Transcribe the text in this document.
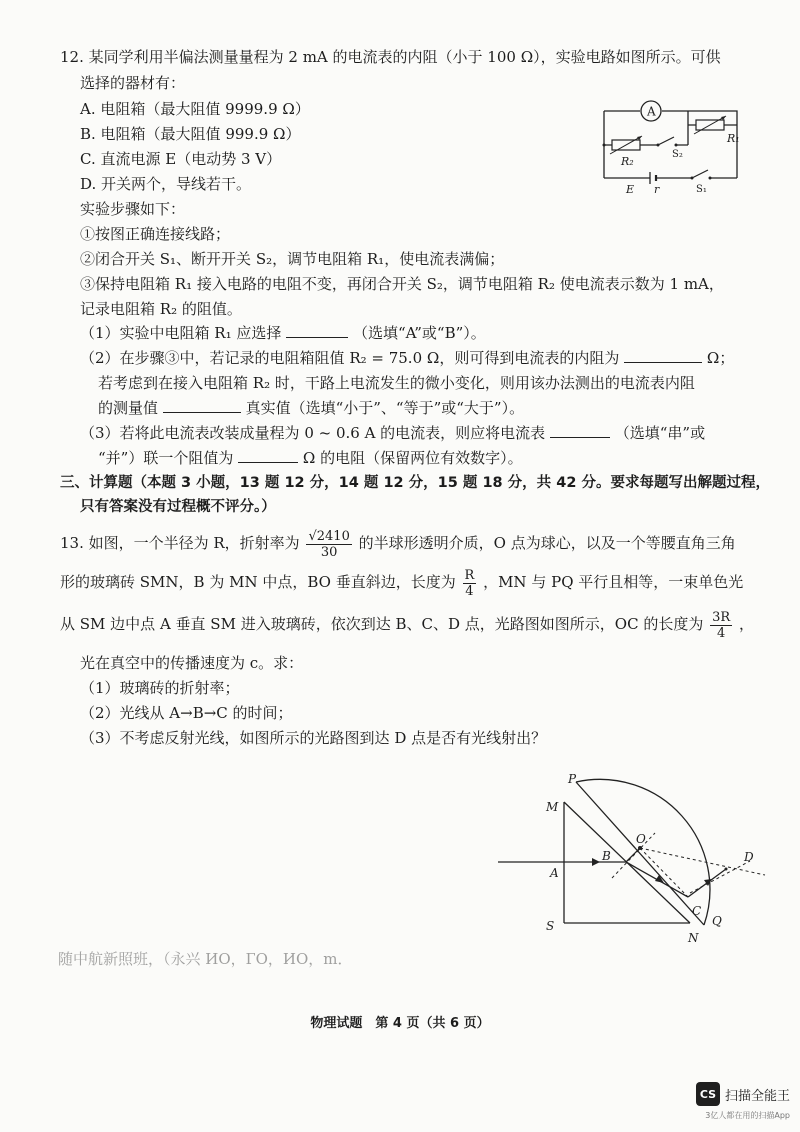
12. 某同学利用半偏法测量量程为 2 mA 的电流表的内阻（小于 100 Ω），实验电路如图所示。可供
选择的器材有：
A. 电阻箱（最大阻值 9999.9 Ω）
B. 电阻箱（最大阻值 999.9 Ω）
C. 直流电源 E（电动势 3 V）
D. 开关两个，导线若干。
实验步骤如下：
①按图正确连接线路；
②闭合开关 S₁、断开开关 S₂，调节电阻箱 R₁，使电流表满偏；
③保持电阻箱 R₁ 接入电路的电阻不变，再闭合开关 S₂，调节电阻箱 R₂ 使电流表示数为 1 mA，
记录电阻箱 R₂ 的阻值。
（1）实验中电阻箱 R₁ 应选择	（选填“A”或“B”）。
（2）在步骤③中，若记录的电阻箱阻值 R₂ = 75.0 Ω，则可得到电流表的内阻为	Ω；
若考虑到在接入电阻箱 R₂ 时，干路上电流发生的微小变化，则用该办法测出的电流表内阻
的测量值	真实值（选填“小于”、“等于”或“大于”）。
（3）若将此电流表改装成量程为 0 ~ 0.6 A 的电流表，则应将电流表	（选填“串”或
“并”）联一个阻值为	Ω 的电阻（保留两位有效数字）。
A
R₁
R₂
S₂
S₁
E r
三、计算题（本题 3 小题，13 题 12 分，14 题 12 分，15 题 18 分，共 42 分。要求每题写出解题过程，
只有答案没有过程概不评分。）
13. 如图，一个半径为 R，折射率为 $\frac{√2410}{30}$ 的半球形透明介质，O 点为球心，以及一个等腰直角三角
形的玻璃砖 SMN，B 为 MN 中点，BO 垂直斜边，长度为 $\frac{R}{4}$ ，MN 与 PQ 平行且相等，一束单色光
从 SM 边中点 A 垂直 SM 进入玻璃砖，依次到达 B、C、D 点，光路图如图所示，OC 的长度为 $\frac{3R}{4}$ ，
光在真空中的传播速度为 c。求：
（1）玻璃砖的折射率；
（2）光线从 A→B→C 的时间；
（3）不考虑反射光线，如图所示的光路图到达 D 点是否有光线射出？
P
M
O
B
A
D
C
Q
S
N
随中航新照班，（永兴 ИО，ГО，ИО，m．
物理试题　第 4 页（共 6 页）
CS 扫描全能王
3亿人都在用的扫描App
